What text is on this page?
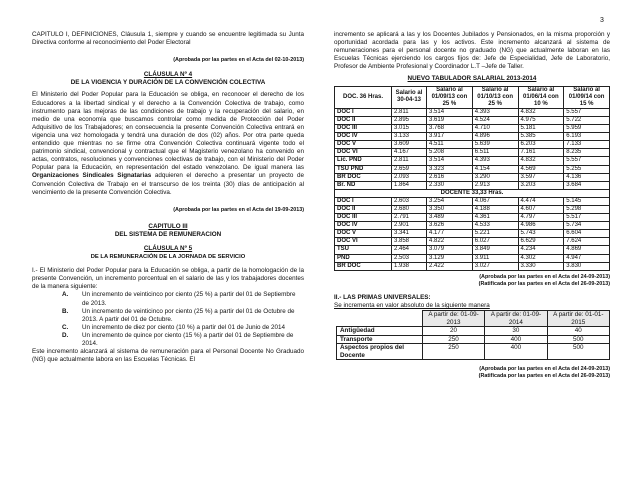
3

CAPITULO I, DEFINICIONES, Cláusula 1, siempre y cuando se encuentre legitimada su Junta Directiva conforme al reconocimiento del Poder Electoral

(Aprobada por las partes en el Acta del 02-10-2013)

CLÁUSULA Nº 4

DE LA VIGENCIA Y DURACIÓN DE LA CONVENCIÓN COLECTIVA

El Ministerio del Poder Popular para la Educación se obliga, en reconocer el derecho de los Educadores a la libertad sindical y el derecho a la Convención Colectiva de trabajo, como instrumento para las mejoras de las condiciones de trabajo y la recuperación del salario, en medio de una economía que buscamos controlar como medida de Protección del Poder Adquisitivo de los Trabajadores; en consecuencia la presente Convención Colectiva entrará en vigencia una vez homologada y tendrá una duración de dos (02) años. Por otra parte queda entendido que mientras no se firme otra Convención Colectiva continuará vigente todo el patrimonio sindical, convencional y contractual que el Magisterio venezolano ha convenido en actas, contratos, resoluciones y convenciones colectivas de trabajo, con el Ministerio del Poder Popular para la Educación, en representación del estado venezolano. De igual manera las Organizaciones Sindicales Signatarias adquieren el derecho a presentar un proyecto de Convención Colectiva de Trabajo en el transcurso de los treinta (30) días de anticipación al vencimiento de la presente Convención Colectiva.

(Aprobada por las partes en el Acta del 19-09-2013)

CAPITULO III

DEL SISTEMA DE REMUNERACION

CLÁUSULA Nº 5

DE LA REMUNERACIÓN DE LA JORNADA DE SERVICIO

I.- El Ministerio del Poder Popular para la Educación se obliga, a partir de la homologación de la presente Convención, un incremento porcentual en el salario de las y los trabajadores docentes de la manera siguiente:

A. Un incremento de veinticinco por ciento (25 %) a partir del 01 de Septiembre de 2013.
B. Un incremento de veinticinco por ciento (25 %) a partir del 01 de Octubre de 2013. A partir del 01 de Octubre.
C. Un incremento de diez por ciento (10 %) a partir del 01 de Junio de 2014
D. Un incremento de quince por ciento (15 %) a partir del 01 de Septiembre de 2014.

Este incremento alcanzará al sistema de remuneración para el Personal Docente No Graduado (NG) que actualmente labora en las Escuelas Técnicas. El

incremento se aplicará a las y los Docentes Jubilados y Pensionados, en la misma proporción y oportunidad acordada para las y los activos. Este incremento alcanzará al sistema de remuneraciones para el personal docente no graduado (NG) que actualmente laboran en las Escuelas Técnicas ejerciendo los cargos fijos de: Jefe de Especialidad, Jefe de Laboratorio, Profesor de Ambiente Profesional y Coordinador L.T –Jefe de Taller.

NUEVO TABULADOR SALARIAL 2013-2014

DOC. 36 Hras.	Salario al 30-04-13	Salario al 01/09/13 con 25 %	Salario al 01/10/13 con 25 %	Salario al 01/06/14 con 10 %	Salario al 01/09/14 con 15 %
DOC I	2.811	3.514	4.393	4.832	5.557
DOC II	2.895	3.619	4.524	4.975	5.722
DOC III	3.015	3.768	4.710	5.181	5.959
DOC IV	3.133	3.917	4.896	5.385	6.193
DOC V	3.609	4.511	5.639	6.203	7.133
DOC VI	4.167	5.208	6.511	7.161	8.235
Lic. PND	2.811	3.514	4.393	4.832	5.557
TSU PND	2.659	3.323	4.154	4.569	5.255
BR DOC	2.093	2.616	3.290	3.597	4.136
Br. ND	1.864	2.330	2.913	3.203	3.684
DOCENTE 33,33 Hras.					
DOC I	2.603	3.254	4.067	4.474	5.145
DOC II	2.680	3.350	4.188	4.607	5.298
DOC III	2.791	3.489	4.361	4.797	5.517
DOC IV	2.901	3.626	4.533	4.986	5.734
DOC V	3.341	4.177	5.221	5.743	6.604
DOC VI	3.858	4.822	6.027	6.629	7.624
TSU	2.464	3.079	3.849	4.234	4.869
PND	2.503	3.129	3.911	4.302	4.947
BR DOC	1.938	2.422	3.027	3.330	3.830

(Aprobada por las partes en el Acta del 24-09-2013)

(Ratificada por las partes en el Acta del 26-09-2013)

II.- LAS PRIMAS UNIVERSALES:

Se incrementa en valor absoluto de la siguiente manera

	A partir de: 01-09-2013	A partir de: 01-09-2014	A partir de: 01-01-2015
Antigüedad	20	30	40
Transporte	250	400	500
Aspectos propios del Docente	250	400	500

(Aprobada por las partes en el Acta del 24-09-2013)

(Ratificada por las partes en el Acta del 26-09-2013)
